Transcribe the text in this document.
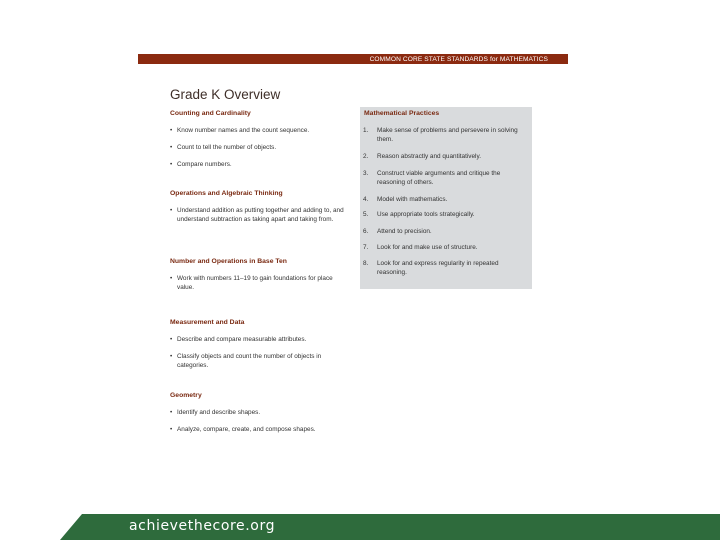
COMMON CORE STATE STANDARDS for MATHEMATICS
Grade K Overview
Counting and Cardinality
• Know number names and the count sequence.
• Count to tell the number of objects.
• Compare numbers.
Operations and Algebraic Thinking
• Understand addition as putting together and adding to, and understand subtraction as taking apart and taking from.
Number and Operations in Base Ten
• Work with numbers 11–19 to gain foundations for place value.
Measurement and Data
• Describe and compare measurable attributes.
• Classify objects and count the number of objects in categories.
Geometry
• Identify and describe shapes.
• Analyze, compare, create, and compose shapes.
Mathematical Practices
1.	Make sense of problems and persevere in solving them.
2.	Reason abstractly and quantitatively.
3.	Construct viable arguments and critique the reasoning of others.
4.	Model with mathematics.
5.	Use appropriate tools strategically.
6.	Attend to precision.
7.	Look for and make use of structure.
8.	Look for and express regularity in repeated reasoning.
achievethecore.org
